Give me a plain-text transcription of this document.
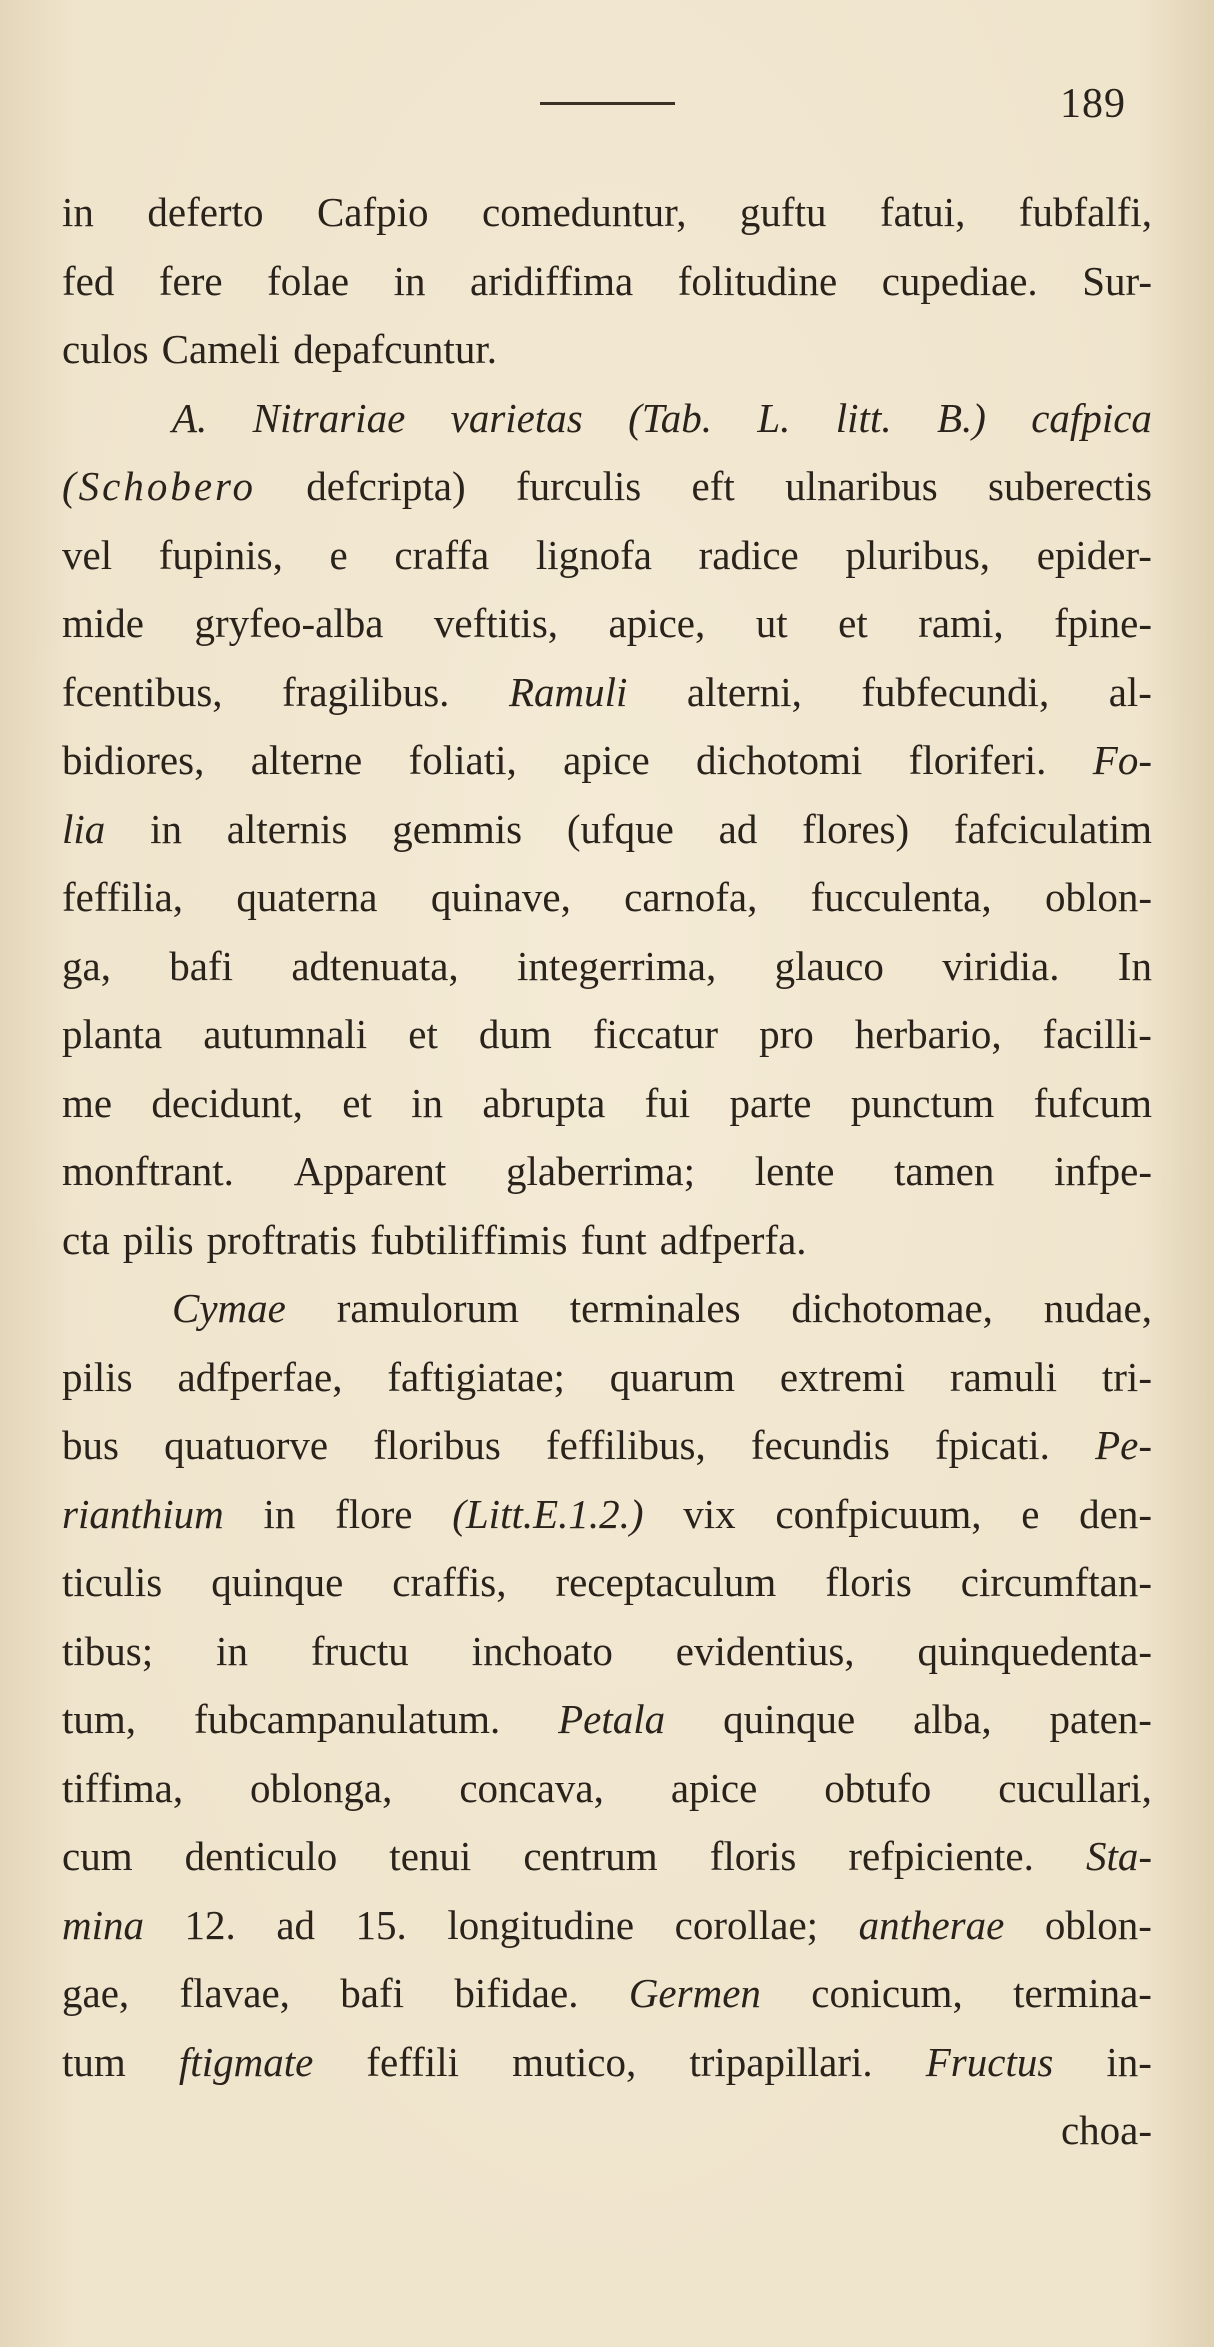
189
in deferto Cafpio comeduntur, guftu fatui, fubfalfi,
fed fere folae in aridiffima folitudine cupediae. Sur-
culos Cameli depafcuntur.
A. Nitrariae varietas (Tab. L. litt. B.) cafpica
(Schobero defcripta) furculis eft ulnaribus suberectis
vel fupinis, e craffa lignofa radice pluribus, epider-
mide gryfeo-alba veftitis, apice, ut et rami, fpine-
fcentibus, fragilibus. Ramuli alterni, fubfecundi, al-
bidiores, alterne foliati, apice dichotomi floriferi. Fo-
lia in alternis gemmis (ufque ad flores) fafciculatim
feffilia, quaterna quinave, carnofa, fucculenta, oblon-
ga, bafi adtenuata, integerrima, glauco viridia. In
planta autumnali et dum ficcatur pro herbario, facilli-
me decidunt, et in abrupta fui parte punctum fufcum
monftrant. Apparent glaberrima; lente tamen infpe-
cta pilis proftratis fubtiliffimis funt adfperfa.
Cymae ramulorum terminales dichotomae, nudae,
pilis adfperfae, faftigiatae; quarum extremi ramuli tri-
bus quatuorve floribus feffilibus, fecundis fpicati. Pe-
rianthium in flore (Litt.E.1.2.) vix confpicuum, e den-
ticulis quinque craffis, receptaculum floris circumftan-
tibus; in fructu inchoato evidentius, quinquedenta-
tum, fubcampanulatum. Petala quinque alba, paten-
tiffima, oblonga, concava, apice obtufo cucullari,
cum denticulo tenui centrum floris refpiciente. Sta-
mina 12. ad 15. longitudine corollae; antherae oblon-
gae, flavae, bafi bifidae. Germen conicum, termina-
tum ftigmate feffili mutico, tripapillari. Fructus in-
choa-
